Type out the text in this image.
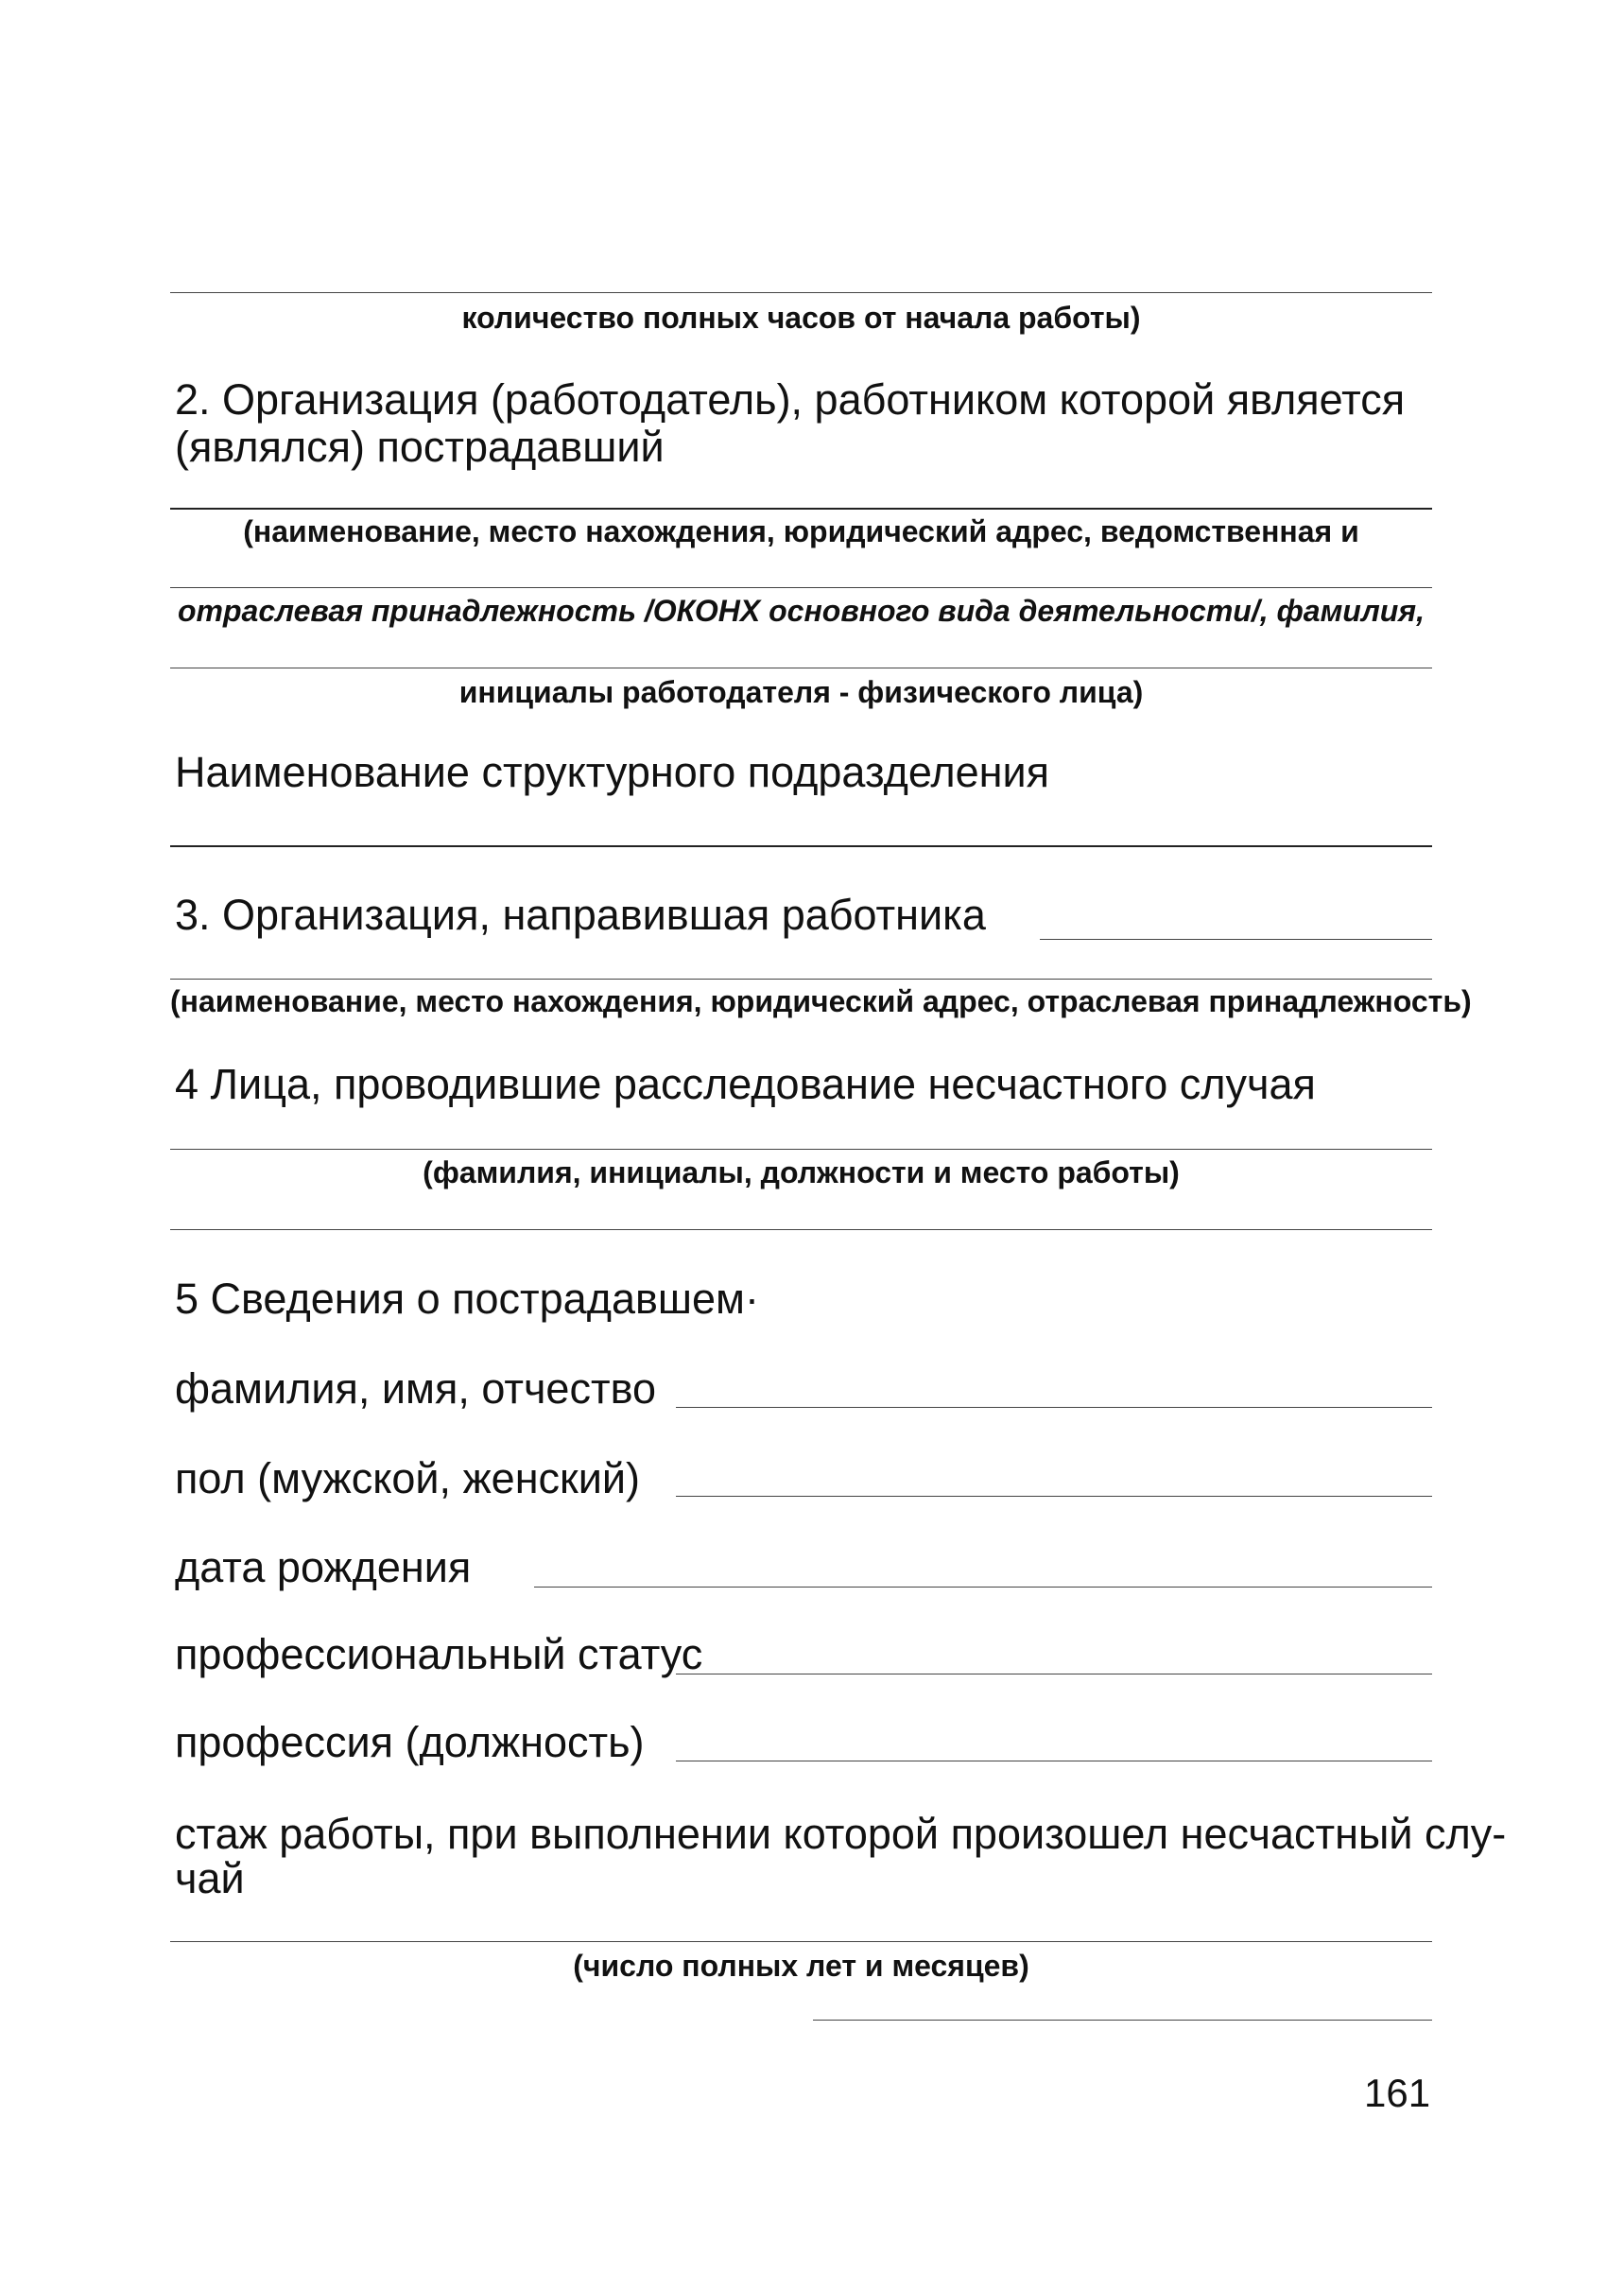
количество полных часов от начала работы)
2. Организация (работодатель), работником которой является
(являлся) пострадавший
(наименование, место нахождения, юридический адрес, ведомственная и
отраслевая принадлежность /ОКОНХ основного вида деятельности/, фамилия,
инициалы работодателя - физического лица)
Наименование структурного подразделения
3. Организация, направившая работника
(наименование, место нахождения, юридический адрес, отраслевая принадлежность)
4 Лица, проводившие расследование несчастного случая
(фамилия, инициалы, должности и место работы)
5 Сведения о пострадавшем·
фамилия, имя, отчество
пол (мужской, женский)
дата рождения
профессиональный статус
профессия (должность)
стаж работы, при выполнении которой произошел несчастный слу-
чай
(число полных лет и месяцев)
161
